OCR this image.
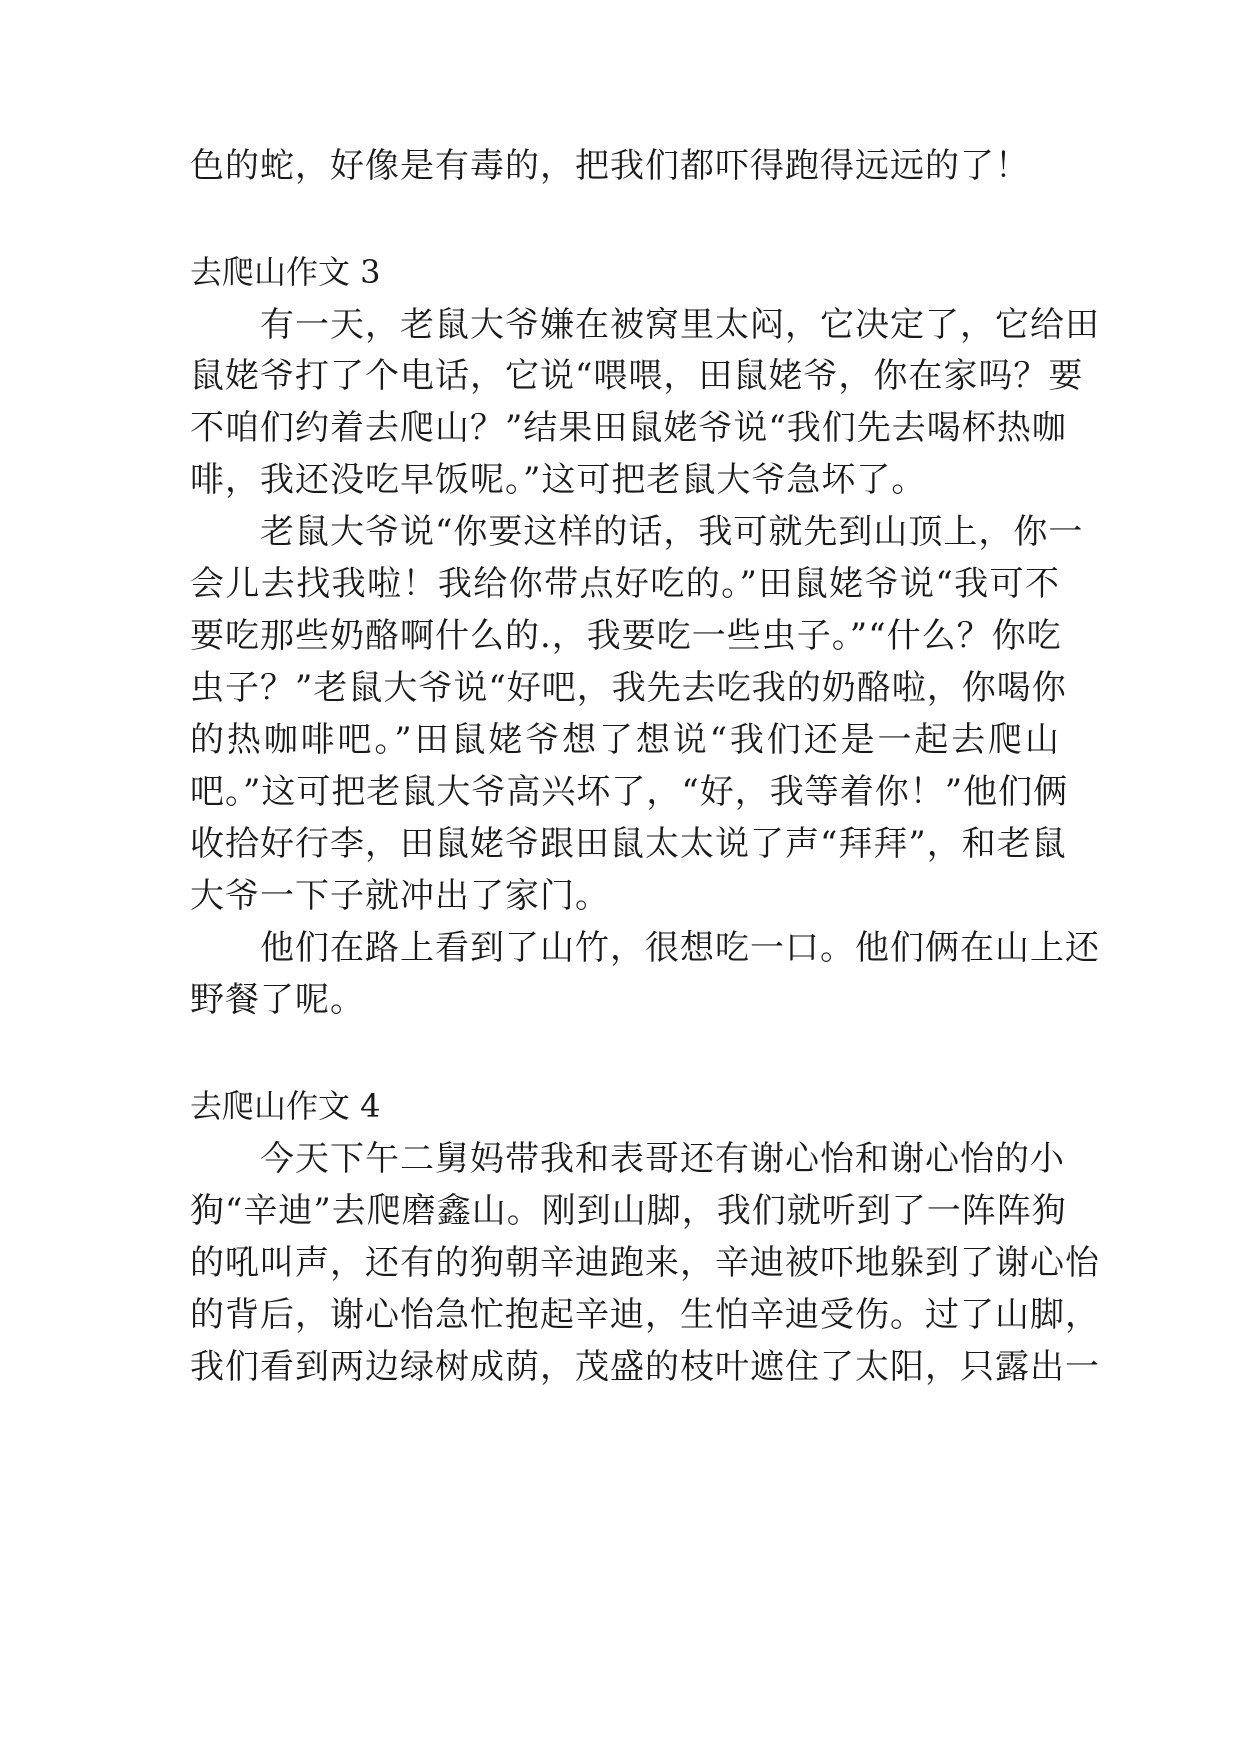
色的蛇，好像是有毒的，把我们都吓得跑得远远的了！
去爬山作文 3
　　有一天，老鼠大爷嫌在被窝里太闷，它决定了，它给田
鼠姥爷打了个电话，它说“喂喂，田鼠姥爷，你在家吗？要
不咱们约着去爬山？”结果田鼠姥爷说“我们先去喝杯热咖
啡，我还没吃早饭呢。”这可把老鼠大爷急坏了。
　　老鼠大爷说“你要这样的话，我可就先到山顶上，你一
会儿去找我啦！我给你带点好吃的。”田鼠姥爷说“我可不
要吃那些奶酪啊什么的.，我要吃一些虫子。”“什么？你吃
虫子？”老鼠大爷说“好吧，我先去吃我的奶酪啦，你喝你
的热咖啡吧。”田鼠姥爷想了想说“我们还是一起去爬山
吧。”这可把老鼠大爷高兴坏了，“好，我等着你！”他们俩
收拾好行李，田鼠姥爷跟田鼠太太说了声“拜拜”，和老鼠
大爷一下子就冲出了家门。
　　他们在路上看到了山竹，很想吃一口。他们俩在山上还
野餐了呢。
去爬山作文 4
　　今天下午二舅妈带我和表哥还有谢心怡和谢心怡的小
狗“辛迪”去爬磨鑫山。刚到山脚，我们就听到了一阵阵狗
的吼叫声，还有的狗朝辛迪跑来，辛迪被吓地躲到了谢心怡
的背后，谢心怡急忙抱起辛迪，生怕辛迪受伤。过了山脚，
我们看到两边绿树成荫，茂盛的枝叶遮住了太阳，只露出一
